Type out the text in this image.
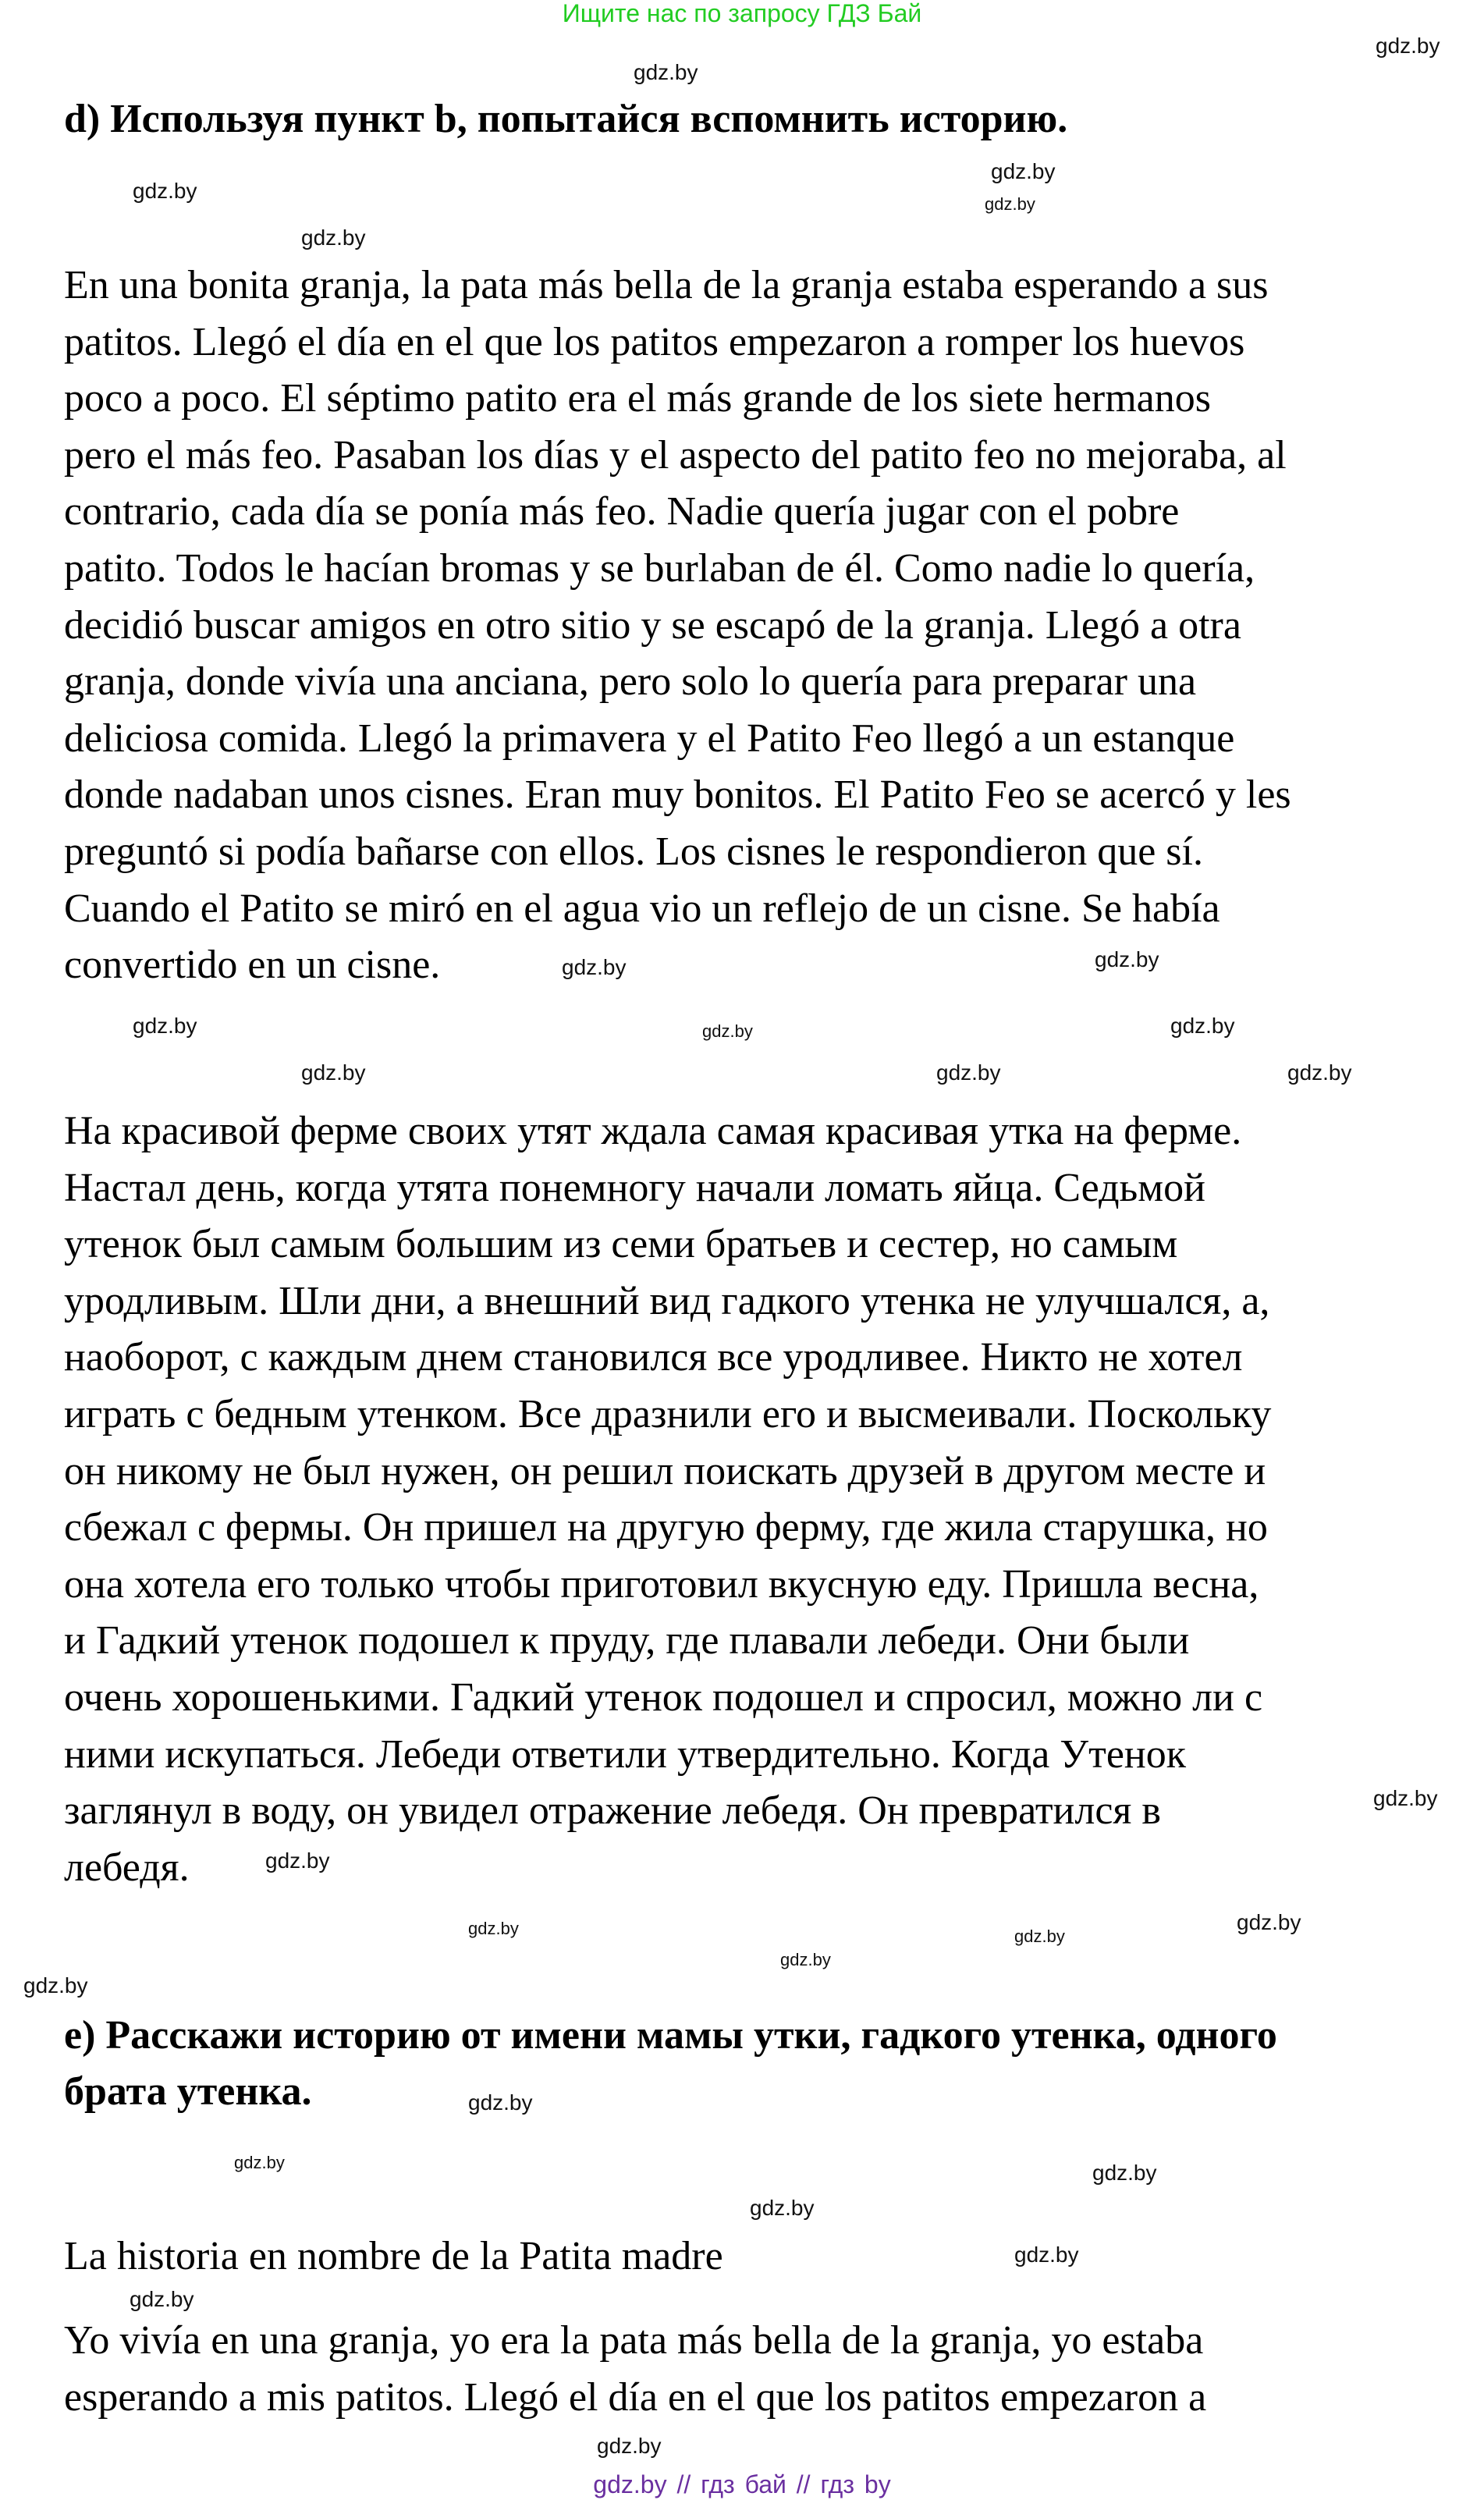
Ищите нас по запросу ГДЗ Бай
d) Используя пункт b, попытайся вспомнить историю.
En una bonita granja, la pata más bella de la granja estaba esperando a sus
patitos. Llegó el día en el que los patitos empezaron a romper los huevos
poco a poco. El séptimo patito era el más grande de los siete hermanos
pero el más feo. Pasaban los días y el aspecto del patito feo no mejoraba, al
contrario, cada día se ponía más feo. Nadie quería jugar con el pobre
patito. Todos le hacían bromas y se burlaban de él. Como nadie lo quería,
decidió buscar amigos en otro sitio y se escapó de la granja. Llegó a otra
granja, donde vivía una anciana, pero solo lo quería para preparar una
deliciosa comida. Llegó la primavera y el Patito Feo llegó a un estanque
donde nadaban unos cisnes. Eran muy bonitos. El Patito Feo se acercó y les
preguntó si podía bañarse con ellos. Los cisnes le respondieron que sí.
Cuando el Patito se miró en el agua vio un reflejo de un cisne. Se había
convertido en un cisne.
На красивой ферме своих утят ждала самая красивая утка на ферме.
Настал день, когда утята понемногу начали ломать яйца. Седьмой
утенок был самым большим из семи братьев и сестер, но самым
уродливым. Шли дни, а внешний вид гадкого утенка не улучшался, а,
наоборот, с каждым днем становился все уродливее. Никто не хотел
играть с бедным утенком. Все дразнили его и высмеивали. Поскольку
он никому не был нужен, он решил поискать друзей в другом месте и
сбежал с фермы. Он пришел на другую ферму, где жила старушка, но
она хотела его только чтобы приготовил вкусную еду. Пришла весна,
и Гадкий утенок подошел к пруду, где плавали лебеди. Они были
очень хорошенькими. Гадкий утенок подошел и спросил, можно ли с
ними искупаться. Лебеди ответили утвердительно. Когда Утенок
заглянул в воду, он увидел отражение лебедя. Он превратился в
лебедя.
e) Расскажи историю от имени мамы утки, гадкого утенка, одного
брата утенка.
La historia en nombre de la Patita madre
Yo vivía en una granja, yo era la pata más bella de la granja, yo estaba
esperando a mis patitos. Llegó el día en el que los patitos empezaron a
gdz.by
gdz.by
gdz.by
gdz.by
gdz.by
gdz.by
gdz.by
gdz.by
gdz.by
gdz.by
gdz.by
gdz.by
gdz.by	gdz.by
gdz.by
gdz.by
gdz.by
gdz.by
gdz.by
gdz.by
gdz.by
gdz.by
gdz.by
gdz.by
gdz.by
gdz.by
gdz.by
gdz.by
gdz.by // гдз бай // гдз by
